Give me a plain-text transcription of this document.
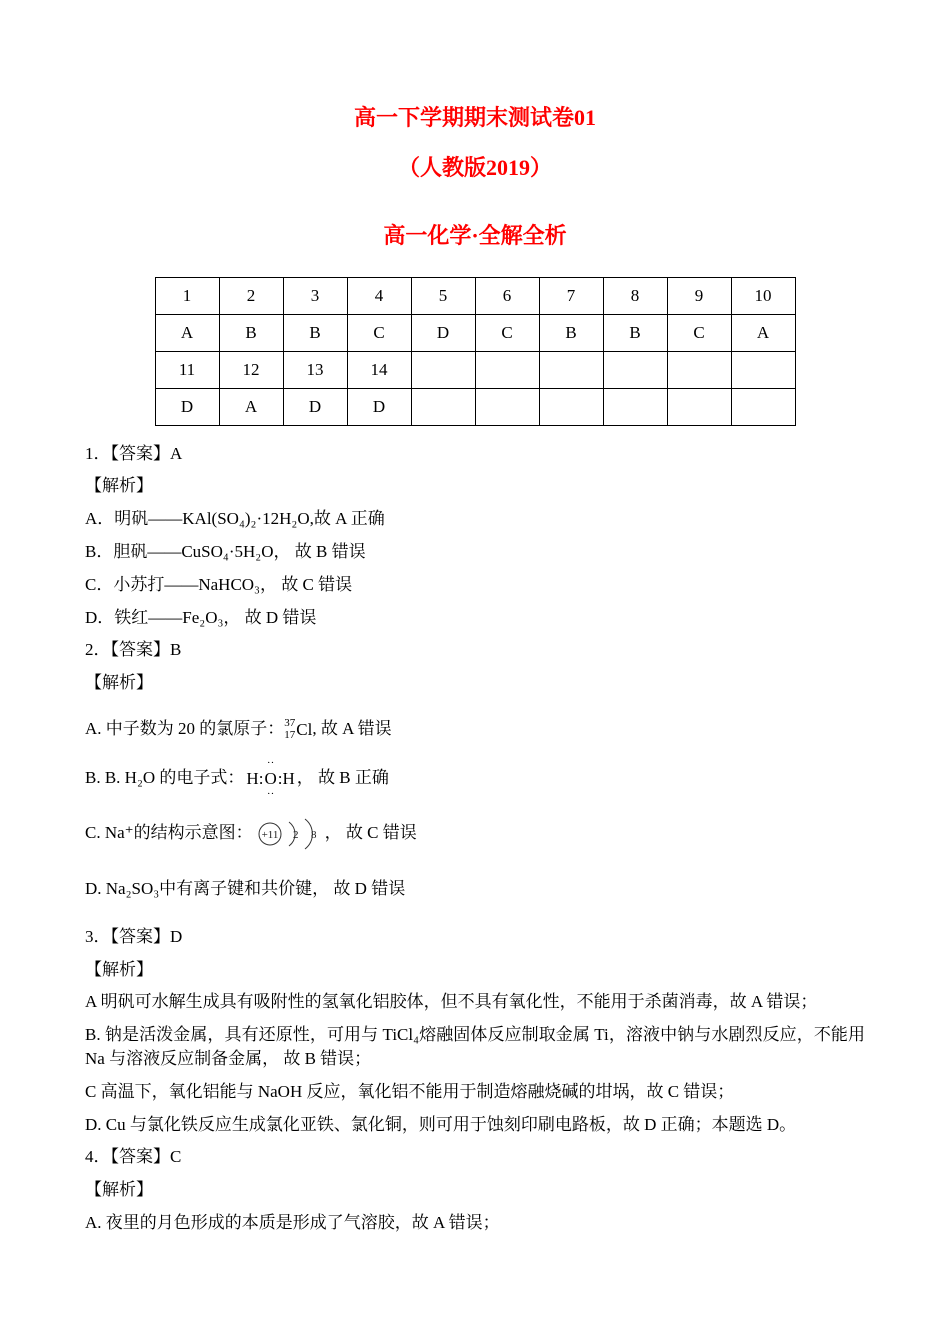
高一下学期期末测试卷01
（人教版2019）
高一化学·全解全析
1	2	3	4	5	6	7	8	9	10
A	B	B	C	D	C	B	B	C	A
11	12	13	14						
D	A	D	D						
1．【答案】A
【解析】
A．明矾——KAl(SO₄)₂·12H₂O,故 A 正确
B．胆矾——CuSO₄·5H₂O， 故 B 错误
C．小苏打——NaHCO₃， 故 C 错误
D．铁红——Fe₂O₃， 故 D 错误
2．【答案】B
【解析】
A. 中子数为 20 的氯原子： 37
17 Cl , 故 A 错误
B. B. H₂O 的电子式： H:
··
O
··
:H ， 故 B 正确
C. Na⁺的结构示意图： +11 2 8 ， 故 C 错误
D. Na₂SO₃中有离子键和共价键， 故 D 错误
3．【答案】D
【解析】
A 明矾可水解生成具有吸附性的氢氧化铝胶体，但不具有氧化性，不能用于杀菌消毒，故 A 错误；
B. 钠是活泼金属，具有还原性，可用与 TiCl₄熔融固体反应制取金属 Ti，溶液中钠与水剧烈反应，不能用 Na 与溶液反应制备金属， 故 B 错误；
C 高温下，氧化铝能与 NaOH 反应，氧化铝不能用于制造熔融烧碱的坩埚，故 C 错误；
D. Cu 与氯化铁反应生成氯化亚铁、氯化铜，则可用于蚀刻印刷电路板，故 D 正确；本题选 D。
4．【答案】C
【解析】
A. 夜里的月色形成的本质是形成了气溶胶，故 A 错误；
